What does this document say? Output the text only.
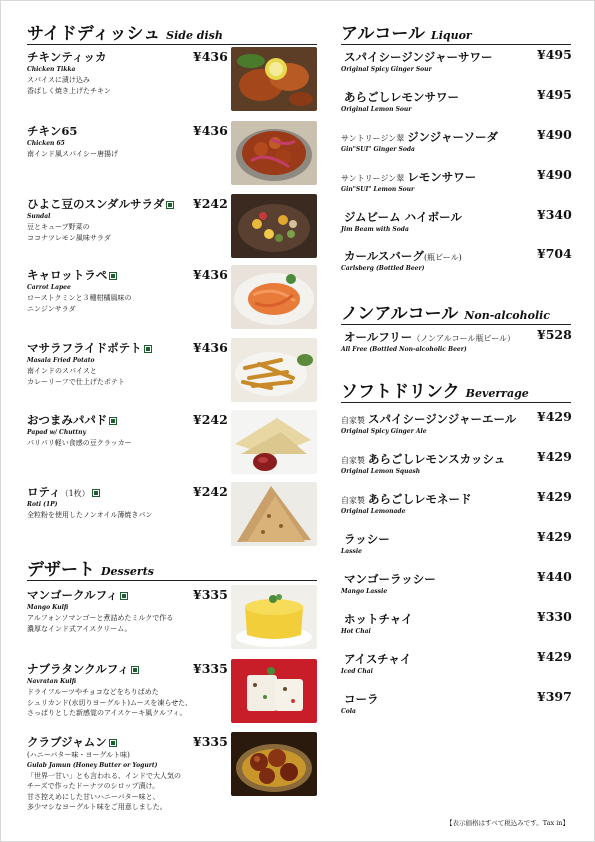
サイドディッシュ Side dish
チキンティッカ
Chicken Tikka
スパイスに漬け込み
香ばしく焼き上げたチキン
¥436
チキン65
Chicken 65
南インド風スパイシー唐揚げ
¥436
ひよこ豆のスンダルサラダ
Sundal
豆とキューブ野菜の
ココナツレモン風味サラダ
¥242
キャロットラペ
Carrot Lapee
ローストクミンと３種柑橘風味の
ニンジンサラダ
¥436
マサラフライドポテト
Masala Fried Potato
南インドのスパイスと
カレーリーフで仕上げたポテト
¥436
おつまみパパド
Papad w/ Chuttny
パリパリ軽い食感の豆クラッカー
¥242
ロティ（1枚）
Roti (1P)
全粒粉を使用したノンオイル薄焼きパン
¥242
デザート Desserts
マンゴークルフィ
Mango Kulfi
アルフォンソマンゴーと煮詰めたミルクで作る
濃厚なインド式アイスクリーム。
¥335
ナブラタンクルフィ
Navratan Kulfi
ドライフルーツやチョコなどをちりばめた
シュリカンド(水切りヨーグルト)ムースを凍らせた、
さっぱりとした新感覚のアイスケーキ風クルフィ。
¥335
クラブジャムン
(ハニーバター味・ヨーグルト味)
Gulab Jamun (Honey Butter or Yogurt)
「世界一甘い」とも言われる、インドで大人気の
チーズで作ったドーナツのシロップ漬け。
甘さ控えめにした甘いハニーバター味と、
多少マシなヨーグルト味をご用意しました。
¥335
アルコール Liquor
スパイシージンジャーサワー
Original Spicy Ginger Sour
¥495
あらごしレモンサワー
Original Lemon Sour
¥495
サントリージン翠 ジンジャーソーダ
Gin"SUI" Ginger Soda
¥490
サントリージン翠 レモンサワー
Gin"SUI" Lemon Sour
¥490
ジムビーム ハイボール
Jim Beam with Soda
¥340
カールスバーグ(瓶ビール)
Carlsberg (Bottled Beer)
¥704
オールフリー（ノンアルコール瓶ビール）
All Free (Bottled Non-alcoholic Beer)
¥528
自家製 スパイシージンジャーエール
Original Spicy Ginger Ale
¥429
自家製 あらごしレモンスカッシュ
Original Lemon Squash
¥429
自家製 あらごしレモネード
Original Lemonade
¥429
ラッシー
Lassie
¥429
マンゴーラッシー
Mango Lassie
¥440
ホットチャイ
Hot Chai
¥330
アイスチャイ
Iced Chai
¥429
コーラ
Cola
¥397
ノンアルコール Non-alcoholic
ソフトドリンク Beverrage
【表示価格はすべて税込みです。Tax in】
